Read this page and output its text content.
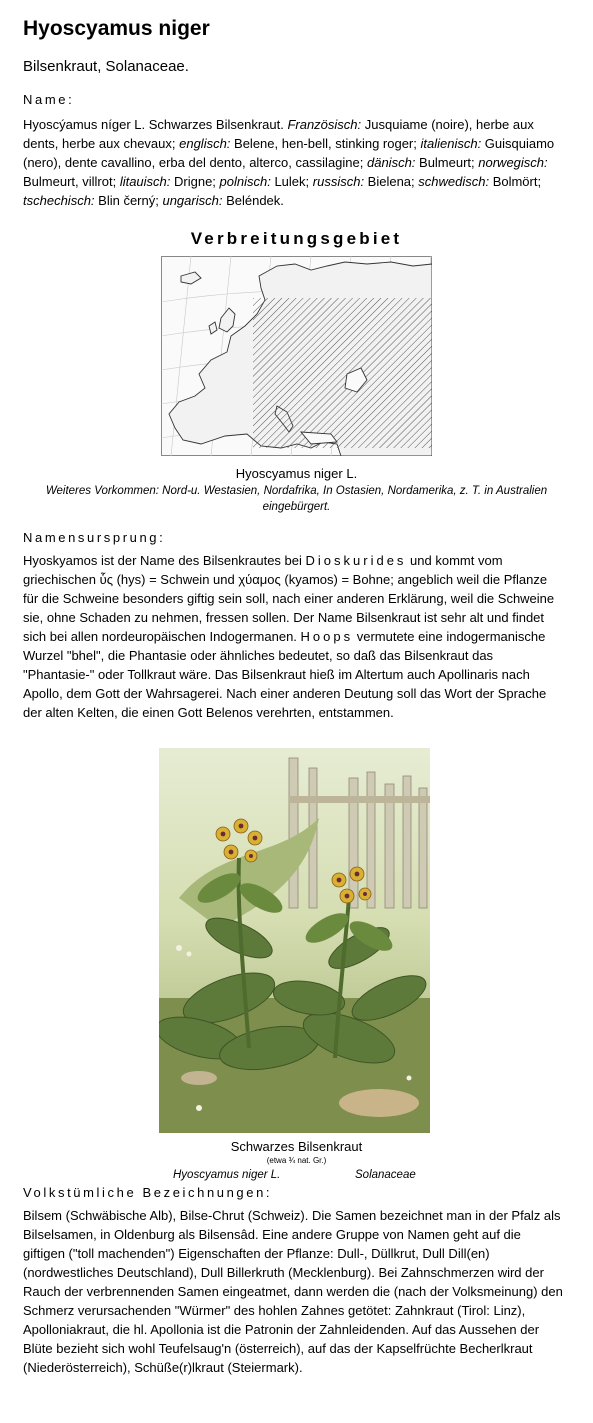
Hyoscyamus niger
Bilsenkraut, Solanaceae.
Name:
Hyoscýamus níger L. Schwarzes Bilsenkraut. Französisch: Jusquiame (noire), herbe aux dents, herbe aux chevaux; englisch: Belene, hen-bell, stinking roger; italienisch: Guisquiamo (nero), dente cavallino, erba del dento, alterco, cassilagine; dänisch: Bulmeurt; norwegisch: Bulmeurt, villrot; litauisch: Drigne; polnisch: Lulek; russisch: Bielena; schwedisch: Bolmört; tschechisch: Blin černý; ungarisch: Beléndek.
Verbreitungsgebiet
Hyoscyamus niger L.
Weiteres Vorkommen: Nord-u. Westasien, Nordafrika, In Ostasien, Nordamerika, z. T. in Australien eingebürgert.
Namensursprung:
Hyoskyamos ist der Name des Bilsenkrautes bei Dioskurides und kommt vom griechischen ὗς (hys) = Schwein und χύαμος (kyamos) = Bohne; angeblich weil die Pflanze für die Schweine besonders giftig sein soll, nach einer anderen Erklärung, weil die Schweine sie, ohne Schaden zu nehmen, fressen sollen. Der Name Bilsenkraut ist sehr alt und findet sich bei allen nordeuropäischen Indogermanen. Hoops vermutete eine indogermanische Wurzel "bhel", die Phantasie oder ähnliches bedeutet, so daß das Bilsenkraut das "Phantasie-" oder Tollkraut wäre. Das Bilsenkraut hieß im Altertum auch Apollinaris nach Apollo, dem Gott der Wahrsagerei. Nach einer anderen Deutung soll das Wort der Sprache der alten Kelten, die einen Gott Belenos verehrten, entstammen.
Schwarzes Bilsenkraut
(etwa ¾ nat. Gr.)
Hyoscyamus niger L.	Solanaceae
Volkstümliche Bezeichnungen:
Bilsem (Schwäbische Alb), Bilse-Chrut (Schweiz). Die Samen bezeichnet man in der Pfalz als Bilselsamen, in Oldenburg als Bilsensâd. Eine andere Gruppe von Namen geht auf die giftigen ("toll machenden") Eigenschaften der Pflanze: Dull-, Düllkrut, Dull Dill(en) (nordwestliches Deutschland), Dull Billerkruth (Mecklenburg). Bei Zahnschmerzen wird der Rauch der verbrennenden Samen eingeatmet, dann werden die (nach der Volksmeinung) den Schmerz verursachenden "Würmer" des hohlen Zahnes getötet: Zahnkraut (Tirol: Linz), Apolloniakraut, die hl. Apollonia ist die Patronin der Zahnleidenden. Auf das Aussehen der Blüte bezieht sich wohl Teufelsaug'n (österreich), auf das der Kapselfrüchte Becherlkraut (Niederösterreich), Schüße(r)lkraut (Steiermark).
